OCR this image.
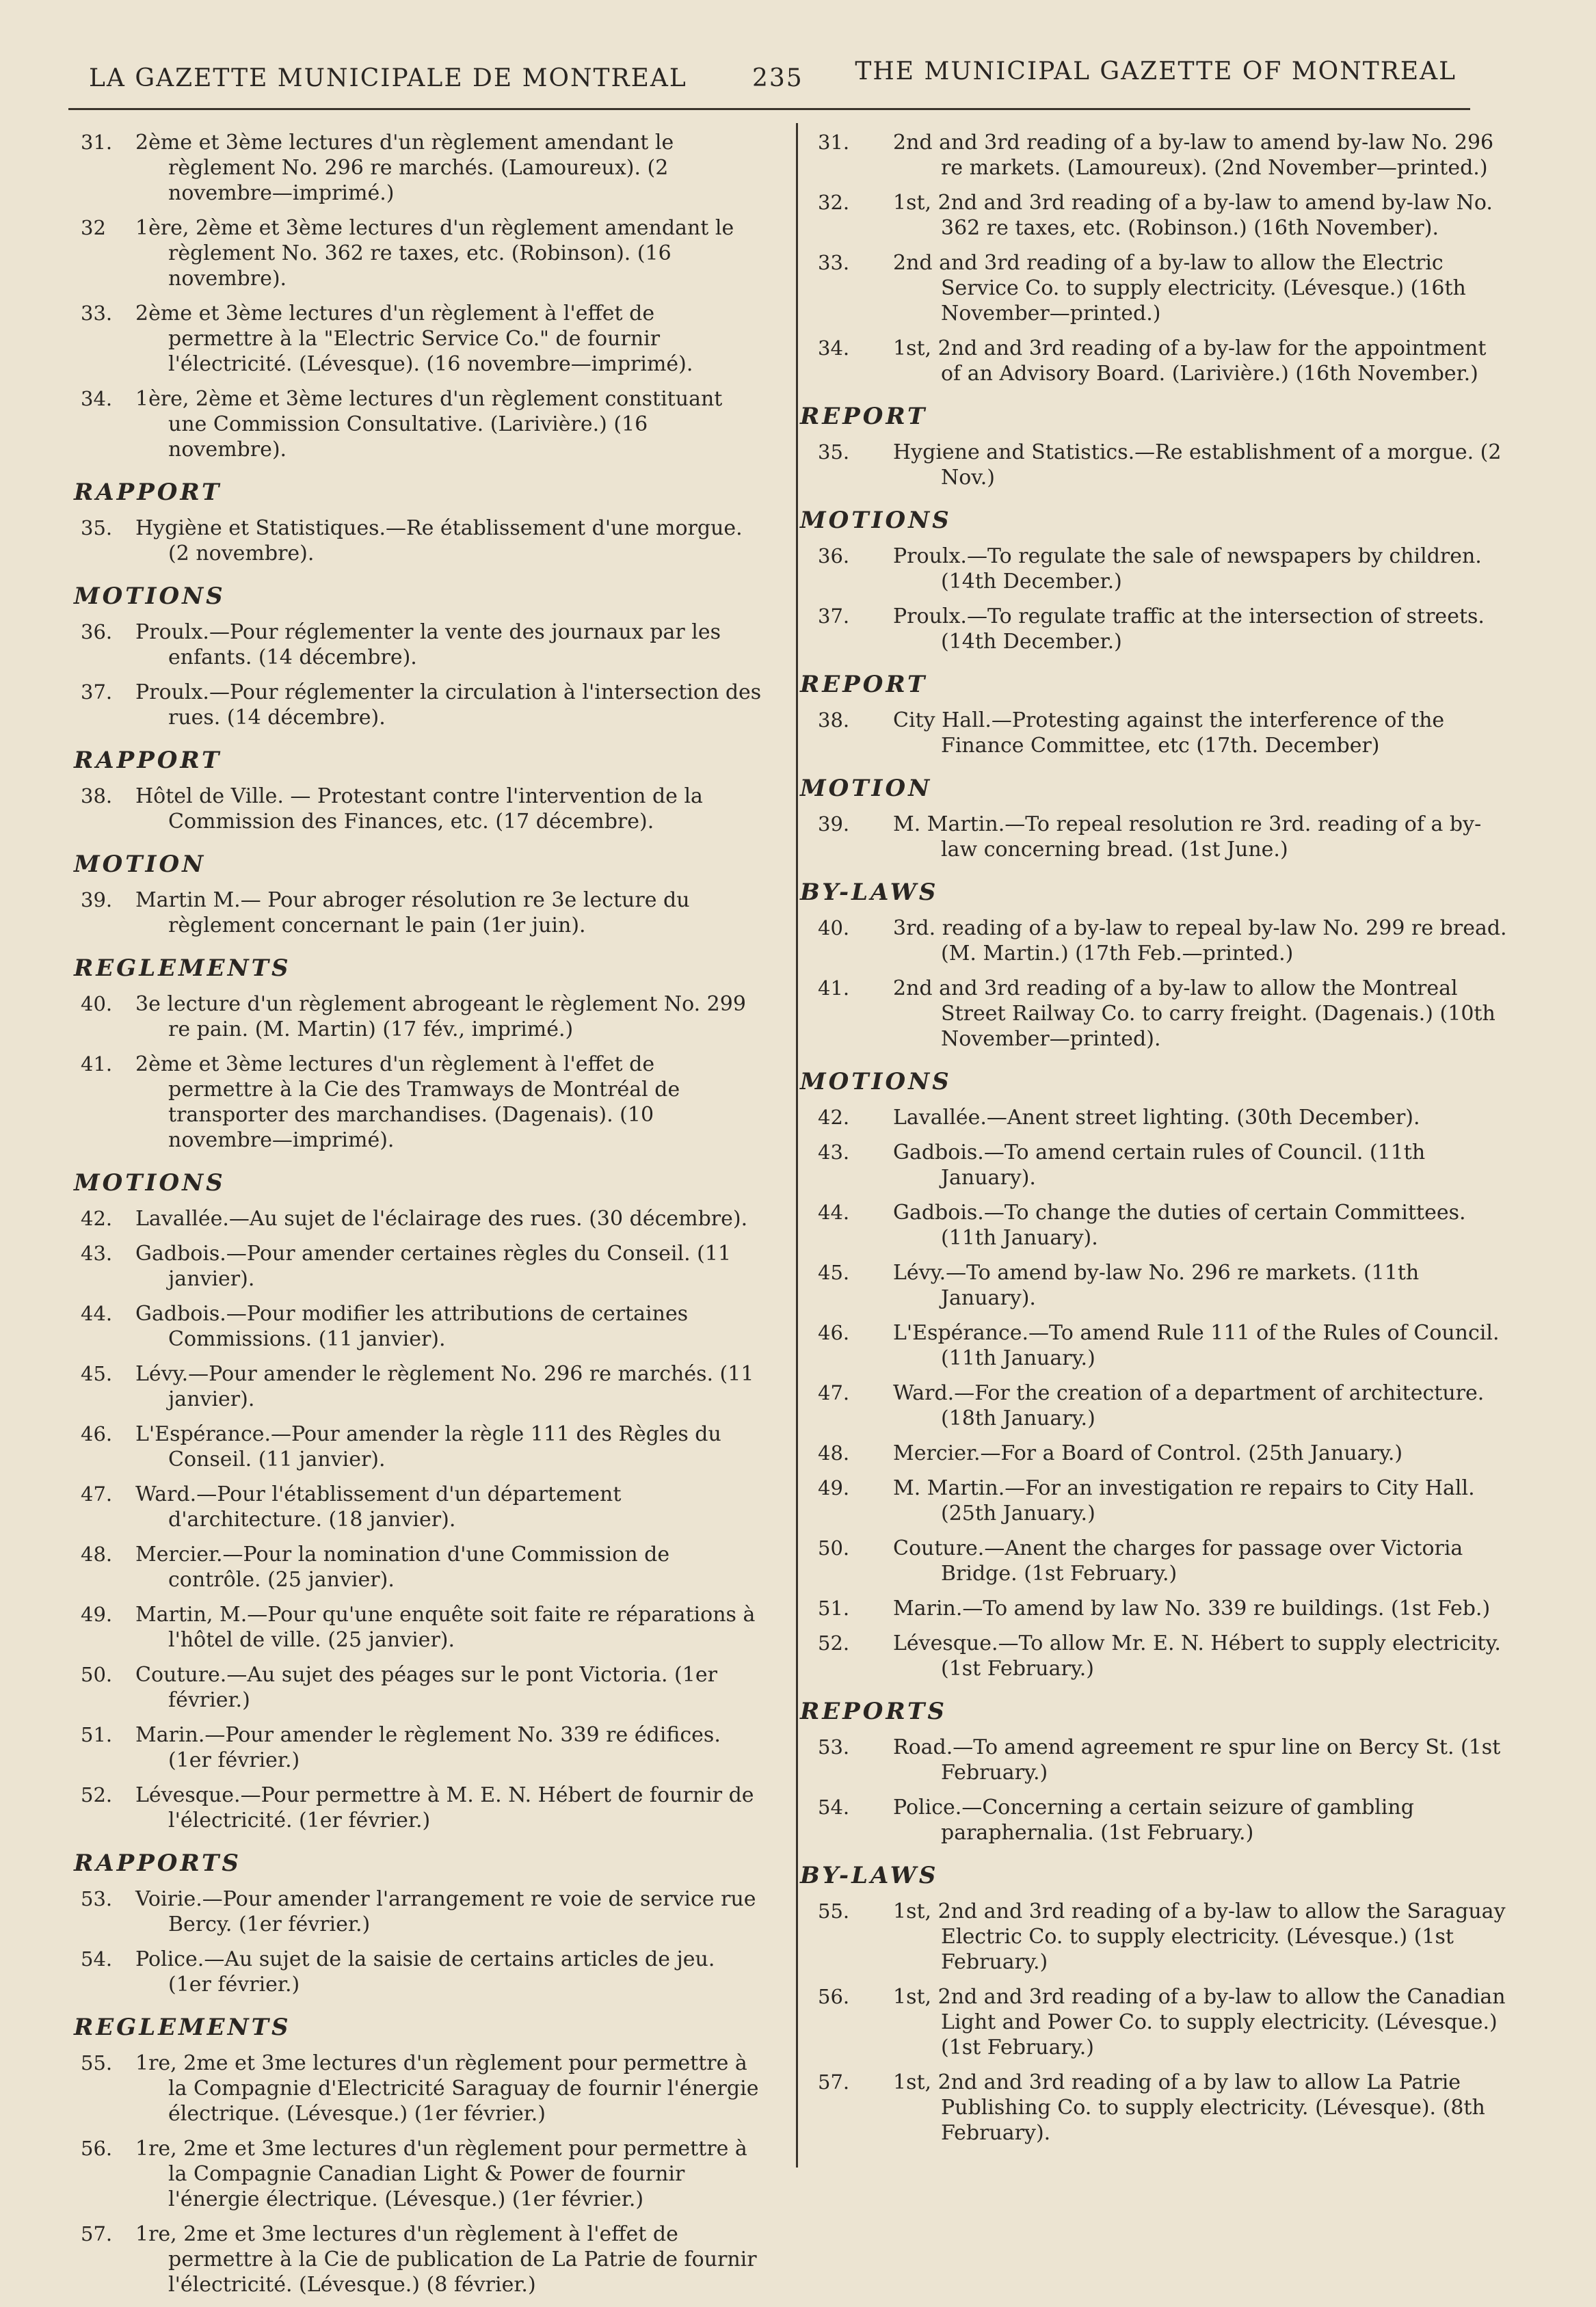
LA GAZETTE MUNICIPALE DE MONTREAL	235 THE MUNICIPAL GAZETTE OF MONTREAL
31. 2ème et 3ème lectures d'un règlement amendant le règlement No. 296 re marchés. (Lamoureux). (2 novembre—imprimé.)
32 1ère, 2ème et 3ème lectures d'un règlement amendant le règlement No. 362 re taxes, etc. (Robinson). (16 novembre).
33. 2ème et 3ème lectures d'un règlement à l'effet de permettre à la "Electric Service Co." de fournir l'électricité. (Lévesque). (16 novembre—imprimé).
34. 1ère, 2ème et 3ème lectures d'un règlement constituant une Commission Consultative. (Larivière.) (16 novembre).
RAPPORT
35. Hygiène et Statistiques.—Re établissement d'une morgue. (2 novembre).
MOTIONS
36. Proulx.—Pour réglementer la vente des journaux par les enfants. (14 décembre).
37. Proulx.—Pour réglementer la circulation à l'intersection des rues. (14 décembre).
RAPPORT
38. Hôtel de Ville. — Protestant contre l'intervention de la Commission des Finances, etc. (17 décembre).
MOTION
39. Martin M.— Pour abroger résolution re 3e lecture du règlement concernant le pain (1er juin).
REGLEMENTS
40. 3e lecture d'un règlement abrogeant le règlement No. 299 re pain. (M. Martin) (17 fév., imprimé.)
41. 2ème et 3ème lectures d'un règlement à l'effet de permettre à la Cie des Tramways de Montréal de transporter des marchandises. (Dagenais). (10 novembre—imprimé).
MOTIONS
42. Lavallée.—Au sujet de l'éclairage des rues. (30 décembre).
43. Gadbois.—Pour amender certaines règles du Conseil. (11 janvier).
44. Gadbois.—Pour modifier les attributions de certaines Commissions. (11 janvier).
45. Lévy.—Pour amender le règlement No. 296 re marchés. (11 janvier).
46. L'Espérance.—Pour amender la règle 111 des Règles du Conseil. (11 janvier).
47. Ward.—Pour l'établissement d'un département d'architecture. (18 janvier).
48. Mercier.—Pour la nomination d'une Commission de contrôle. (25 janvier).
49. Martin, M.—Pour qu'une enquête soit faite re réparations à l'hôtel de ville. (25 janvier).
50. Couture.—Au sujet des péages sur le pont Victoria. (1er février.)
51. Marin.—Pour amender le règlement No. 339 re édifices. (1er février.)
52. Lévesque.—Pour permettre à M. E. N. Hébert de fournir de l'électricité. (1er février.)
RAPPORTS
53. Voirie.—Pour amender l'arrangement re voie de service rue Bercy. (1er février.)
54. Police.—Au sujet de la saisie de certains articles de jeu. (1er février.)
REGLEMENTS
55. 1re, 2me et 3me lectures d'un règlement pour permettre à la Compagnie d'Electricité Saraguay de fournir l'énergie électrique. (Lévesque.) (1er février.)
56. 1re, 2me et 3me lectures d'un règlement pour permettre à la Compagnie Canadian Light & Power de fournir l'énergie électrique. (Lévesque.) (1er février.)
57. 1re, 2me et 3me lectures d'un règlement à l'effet de permettre à la Cie de publication de La Patrie de fournir l'électricité. (Lévesque.) (8 février.)
31. 2nd and 3rd reading of a by-law to amend by-law No. 296 re markets. (Lamoureux). (2nd November—printed.)
32. 1st, 2nd and 3rd reading of a by-law to amend by-law No. 362 re taxes, etc. (Robinson.) (16th November).
33. 2nd and 3rd reading of a by-law to allow the Electric Service Co. to supply electricity. (Lévesque.) (16th November—printed.)
34. 1st, 2nd and 3rd reading of a by-law for the appointment of an Advisory Board. (Larivière.) (16th November.)
REPORT
35. Hygiene and Statistics.—Re establishment of a morgue. (2 Nov.)
MOTIONS
36. Proulx.—To regulate the sale of newspapers by children. (14th December.)
37. Proulx.—To regulate traffic at the intersection of streets. (14th December.)
REPORT
38. City Hall.—Protesting against the interference of the Finance Committee, etc (17th. December)
MOTION
39. M. Martin.—To repeal resolution re 3rd. reading of a by-law concerning bread. (1st June.)
BY-LAWS
40. 3rd. reading of a by-law to repeal by-law No. 299 re bread. (M. Martin.) (17th Feb.—printed.)
41. 2nd and 3rd reading of a by-law to allow the Montreal Street Railway Co. to carry freight. (Dagenais.) (10th November—printed).
MOTIONS
42. Lavallée.—Anent street lighting. (30th December).
43. Gadbois.—To amend certain rules of Council. (11th January).
44. Gadbois.—To change the duties of certain Committees. (11th January).
45. Lévy.—To amend by-law No. 296 re markets. (11th January).
46. L'Espérance.—To amend Rule 111 of the Rules of Council. (11th January.)
47. Ward.—For the creation of a department of architecture. (18th January.)
48. Mercier.—For a Board of Control. (25th January.)
49. M. Martin.—For an investigation re repairs to City Hall. (25th January.)
50. Couture.—Anent the charges for passage over Victoria Bridge. (1st February.)
51. Marin.—To amend by law No. 339 re buildings. (1st Feb.)
52. Lévesque.—To allow Mr. E. N. Hébert to supply electricity. (1st February.)
REPORTS
53. Road.—To amend agreement re spur line on Bercy St. (1st February.)
54. Police.—Concerning a certain seizure of gambling paraphernalia. (1st February.)
BY-LAWS
55. 1st, 2nd and 3rd reading of a by-law to allow the Saraguay Electric Co. to supply electricity. (Lévesque.) (1st February.)
56. 1st, 2nd and 3rd reading of a by-law to allow the Canadian Light and Power Co. to supply electricity. (Lévesque.) (1st February.)
57. 1st, 2nd and 3rd reading of a by law to allow La Patrie Publishing Co. to supply electricity. (Lévesque). (8th February).
